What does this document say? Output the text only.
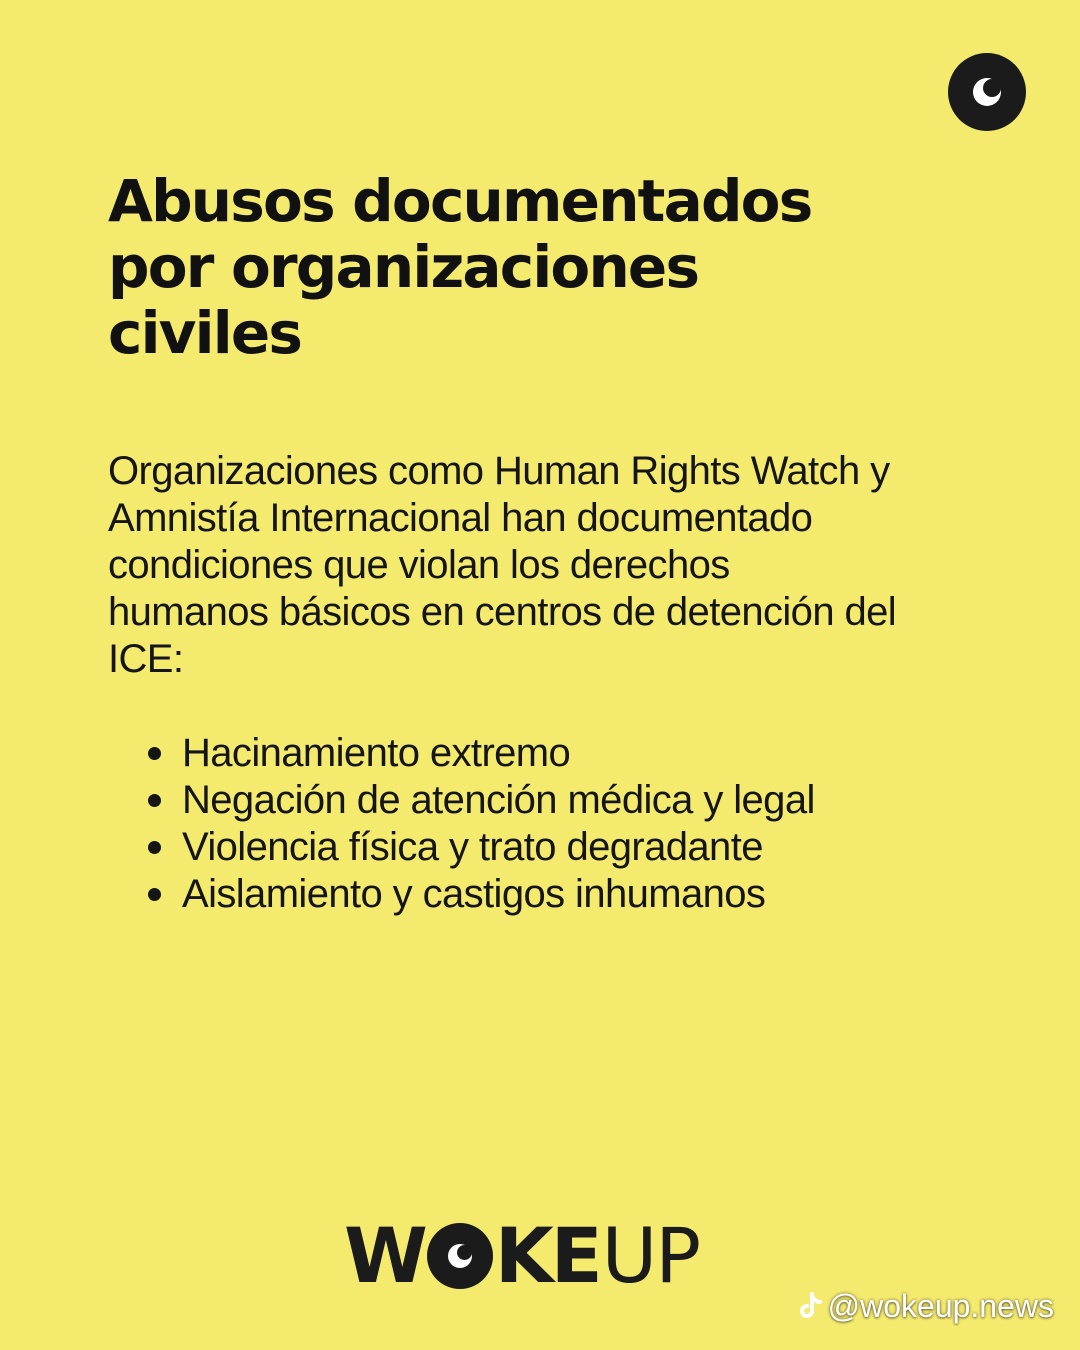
Abusos documentados
por organizaciones
civiles
Organizaciones como Human Rights Watch y
Amnistía Internacional han documentado
condiciones que violan los derechos
humanos básicos en centros de detención del
ICE:
Hacinamiento extremo
Negación de atención médica y legal
Violencia física y trato degradante
Aislamiento y castigos inhumanos
W KE UP
@wokeup.news
